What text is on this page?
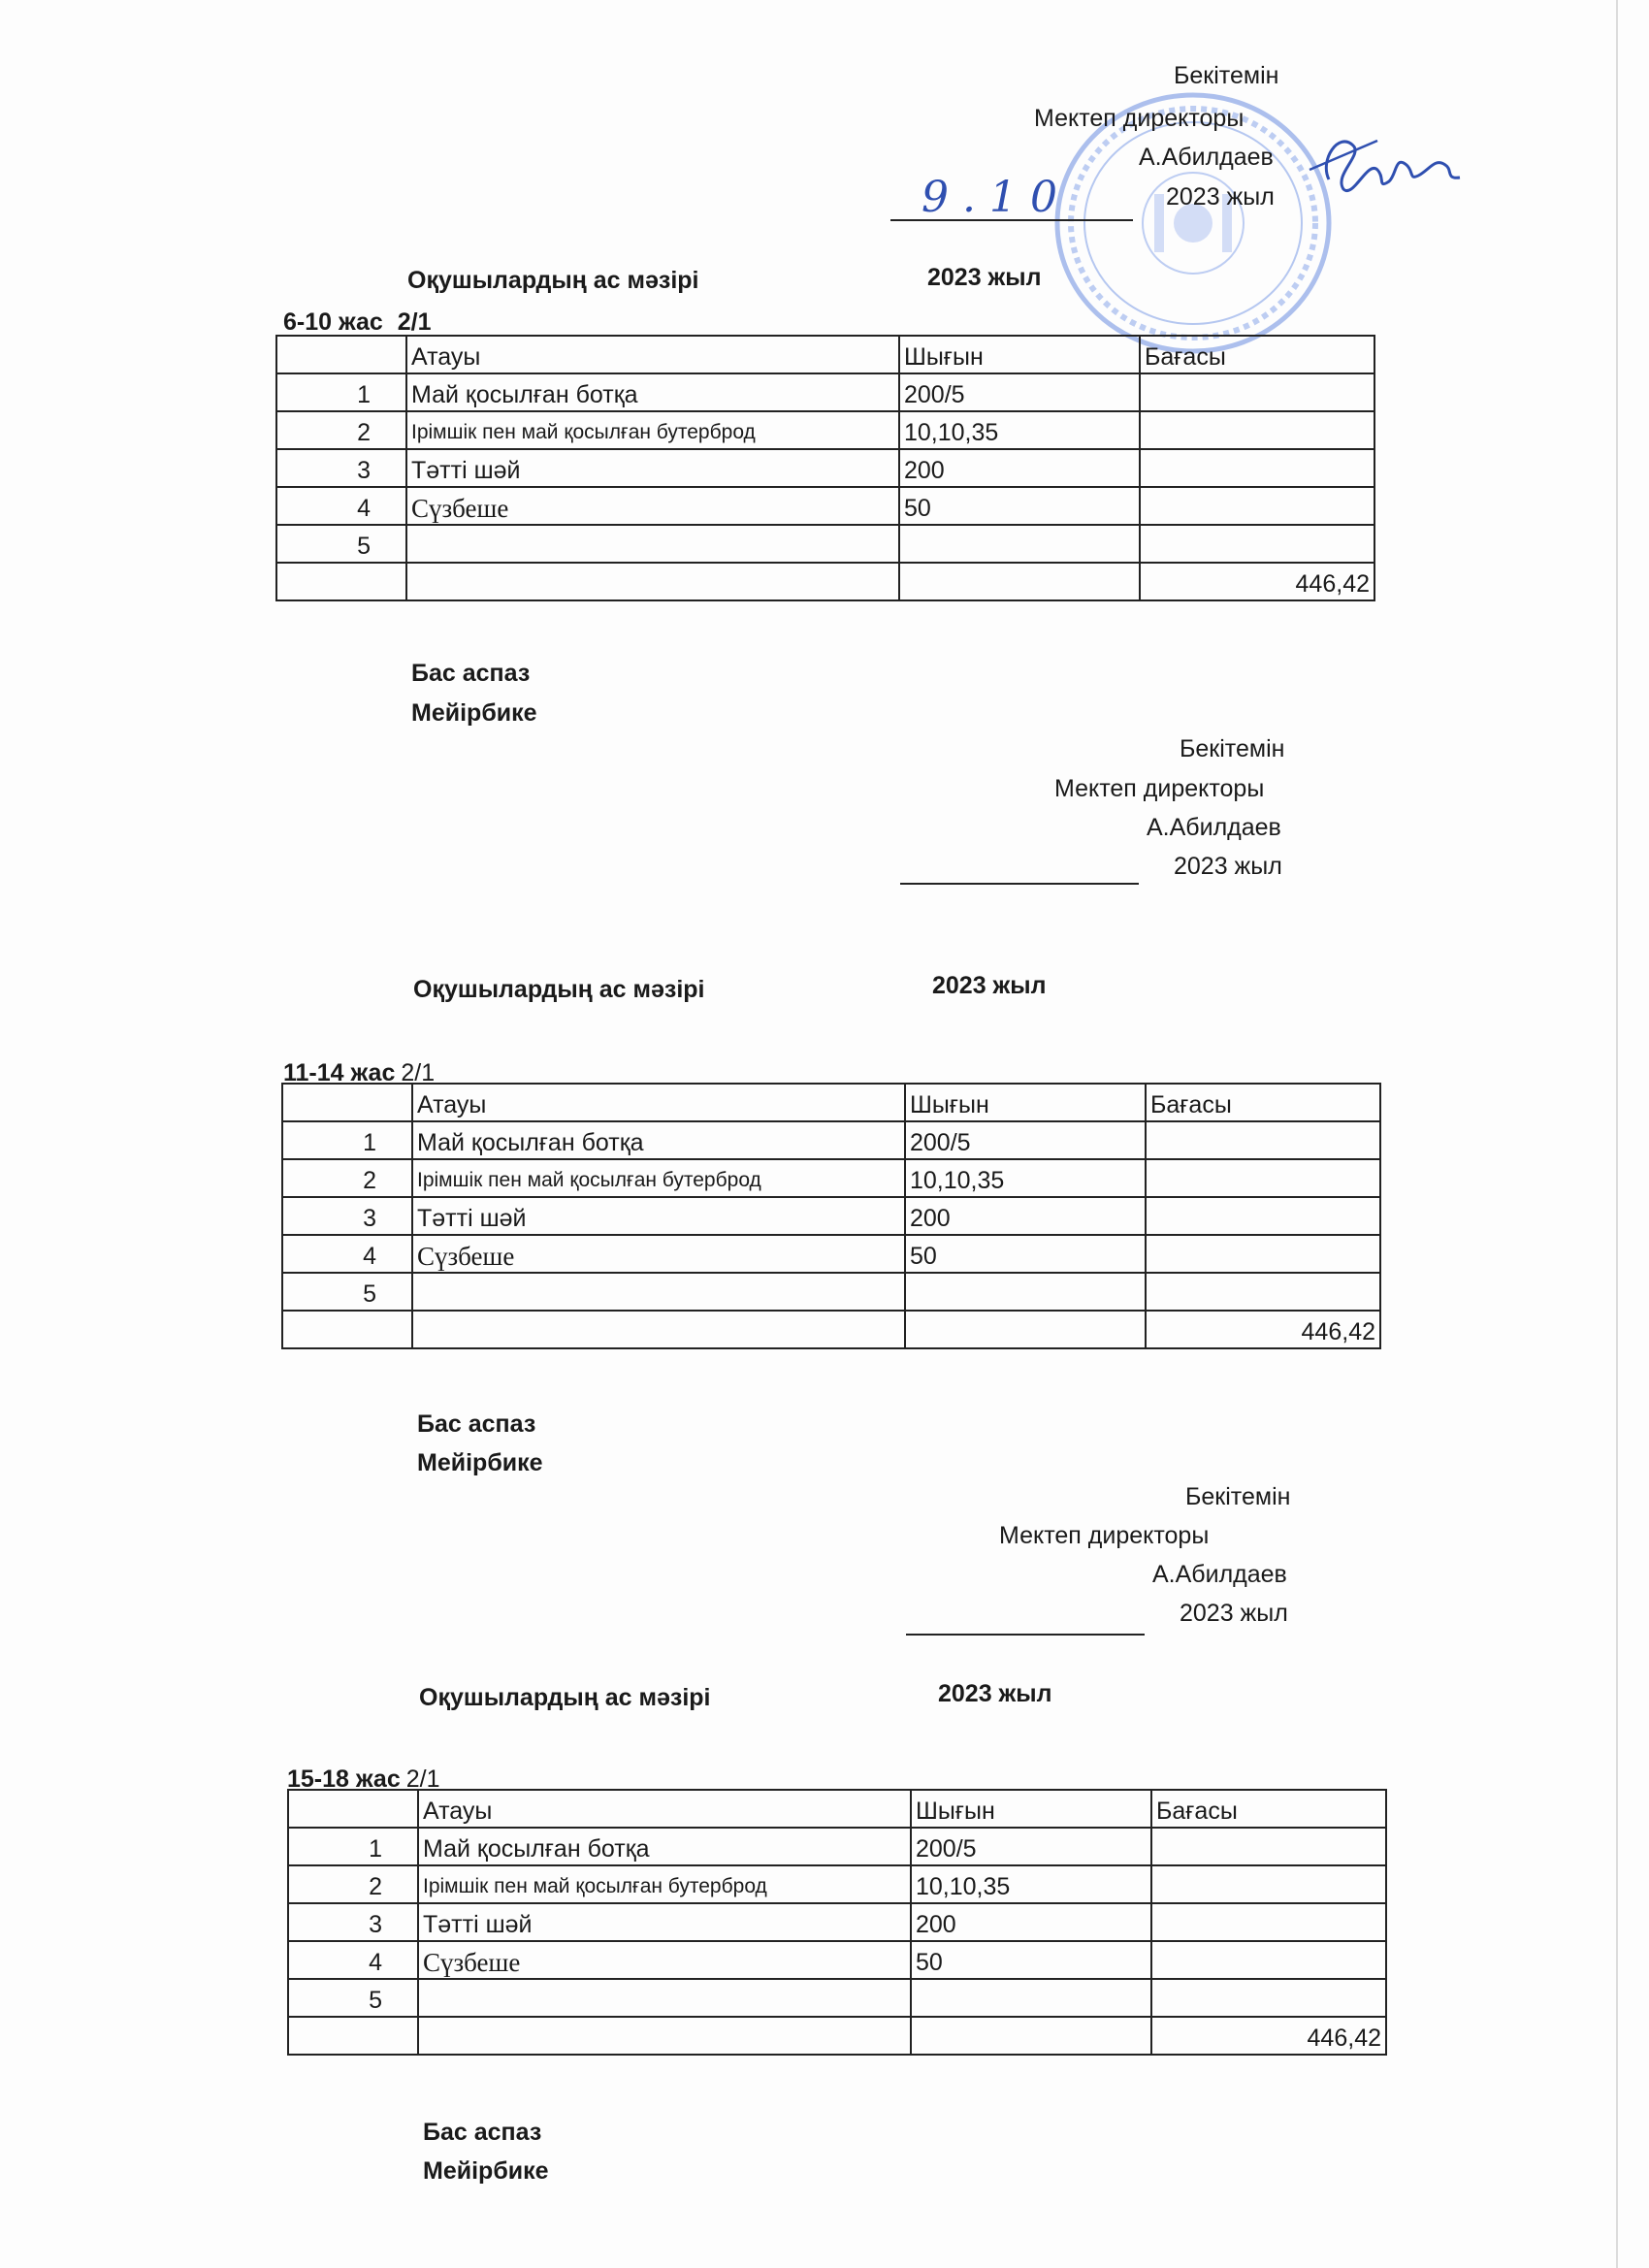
Бекітемін
Мектеп директоры
А.Абилдаев
2023 жыл
9.10
Оқушылардың ас мәзірі	2023 жыл
6-10 жас 2/1
	Атауы	Шығын	Бағасы
1	Май қосылған ботқа	200/5	
2	Ірімшік пен май қосылған бутерброд	10,10,35	
3	Тәтті шәй	200	
4	Сүзбеше	50	
5			
			446,42
Бас аспаз
Мейірбике
Бекітемін
Мектеп директоры
А.Абилдаев
2023 жыл
Оқушылардың ас мәзірі	2023 жыл
11-14 жас 2/1
	Атауы	Шығын	Бағасы
1	Май қосылған ботқа	200/5	
2	Ірімшік пен май қосылған бутерброд	10,10,35	
3	Тәтті шәй	200	
4	Сүзбеше	50	
5			
			446,42
Бас аспаз
Мейірбике
Бекітемін
Мектеп директоры
А.Абилдаев
2023 жыл
Оқушылардың ас мәзірі	2023 жыл
15-18 жас 2/1
	Атауы	Шығын	Бағасы
1	Май қосылған ботқа	200/5	
2	Ірімшік пен май қосылған бутерброд	10,10,35	
3	Тәтті шәй	200	
4	Сүзбеше	50	
5			
			446,42
Бас аспаз
Мейірбике
